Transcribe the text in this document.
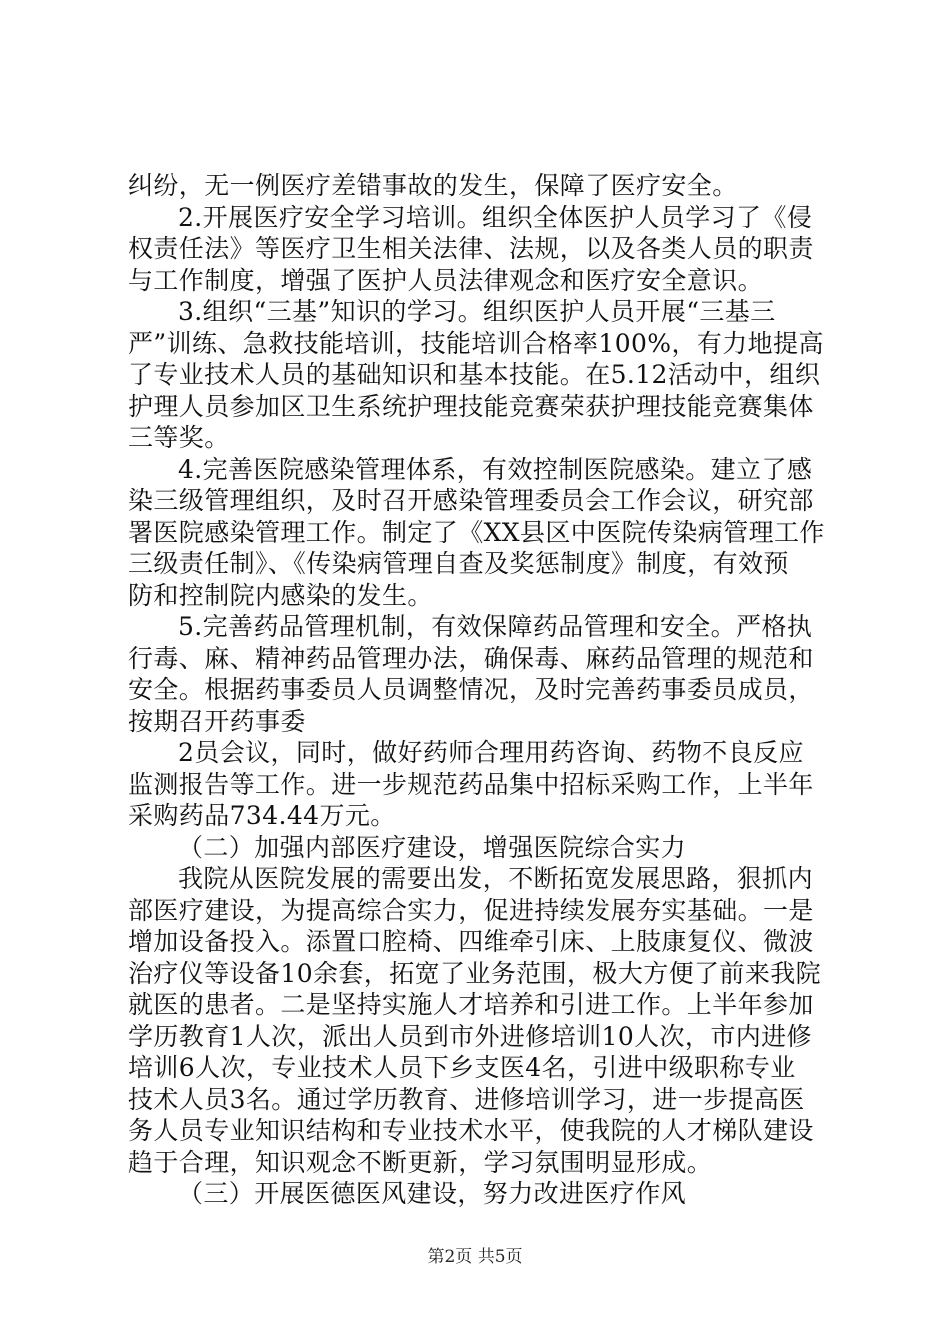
纠纷，无一例医疗差错事故的发生，保障了医疗安全。
2.开展医疗安全学习培训。组织全体医护人员学习了《侵
权责任法》等医疗卫生相关法律、法规，以及各类人员的职责
与工作制度，增强了医护人员法律观念和医疗安全意识。
3.组织“三基”知识的学习。组织医护人员开展“三基三
严”训练、急救技能培训，技能培训合格率100%，有力地提高
了专业技术人员的基础知识和基本技能。在5.12活动中，组织
护理人员参加区卫生系统护理技能竞赛荣获护理技能竞赛集体
三等奖。
4.完善医院感染管理体系，有效控制医院感染。建立了感
染三级管理组织，及时召开感染管理委员会工作会议，研究部
署医院感染管理工作。制定了《XX县区中医院传染病管理工作
三级责任制》、《传染病管理自查及奖惩制度》制度，有效预
防和控制院内感染的发生。
5.完善药品管理机制，有效保障药品管理和安全。严格执
行毒、麻、精神药品管理办法，确保毒、麻药品管理的规范和
安全。根据药事委员人员调整情况，及时完善药事委员成员，
按期召开药事委
2员会议，同时，做好药师合理用药咨询、药物不良反应
监测报告等工作。进一步规范药品集中招标采购工作，上半年
采购药品734.44万元。
（二）加强内部医疗建设，增强医院综合实力
我院从医院发展的需要出发，不断拓宽发展思路，狠抓内
部医疗建设，为提高综合实力，促进持续发展夯实基础。一是
增加设备投入。添置口腔椅、四维牵引床、上肢康复仪、微波
治疗仪等设备10余套，拓宽了业务范围，极大方便了前来我院
就医的患者。二是坚持实施人才培养和引进工作。上半年参加
学历教育1人次，派出人员到市外进修培训10人次，市内进修
培训6人次，专业技术人员下乡支医4名，引进中级职称专业
技术人员3名。通过学历教育、进修培训学习，进一步提高医
务人员专业知识结构和专业技术水平，使我院的人才梯队建设
趋于合理，知识观念不断更新，学习氛围明显形成。
（三）开展医德医风建设，努力改进医疗作风
第2页 共5页
